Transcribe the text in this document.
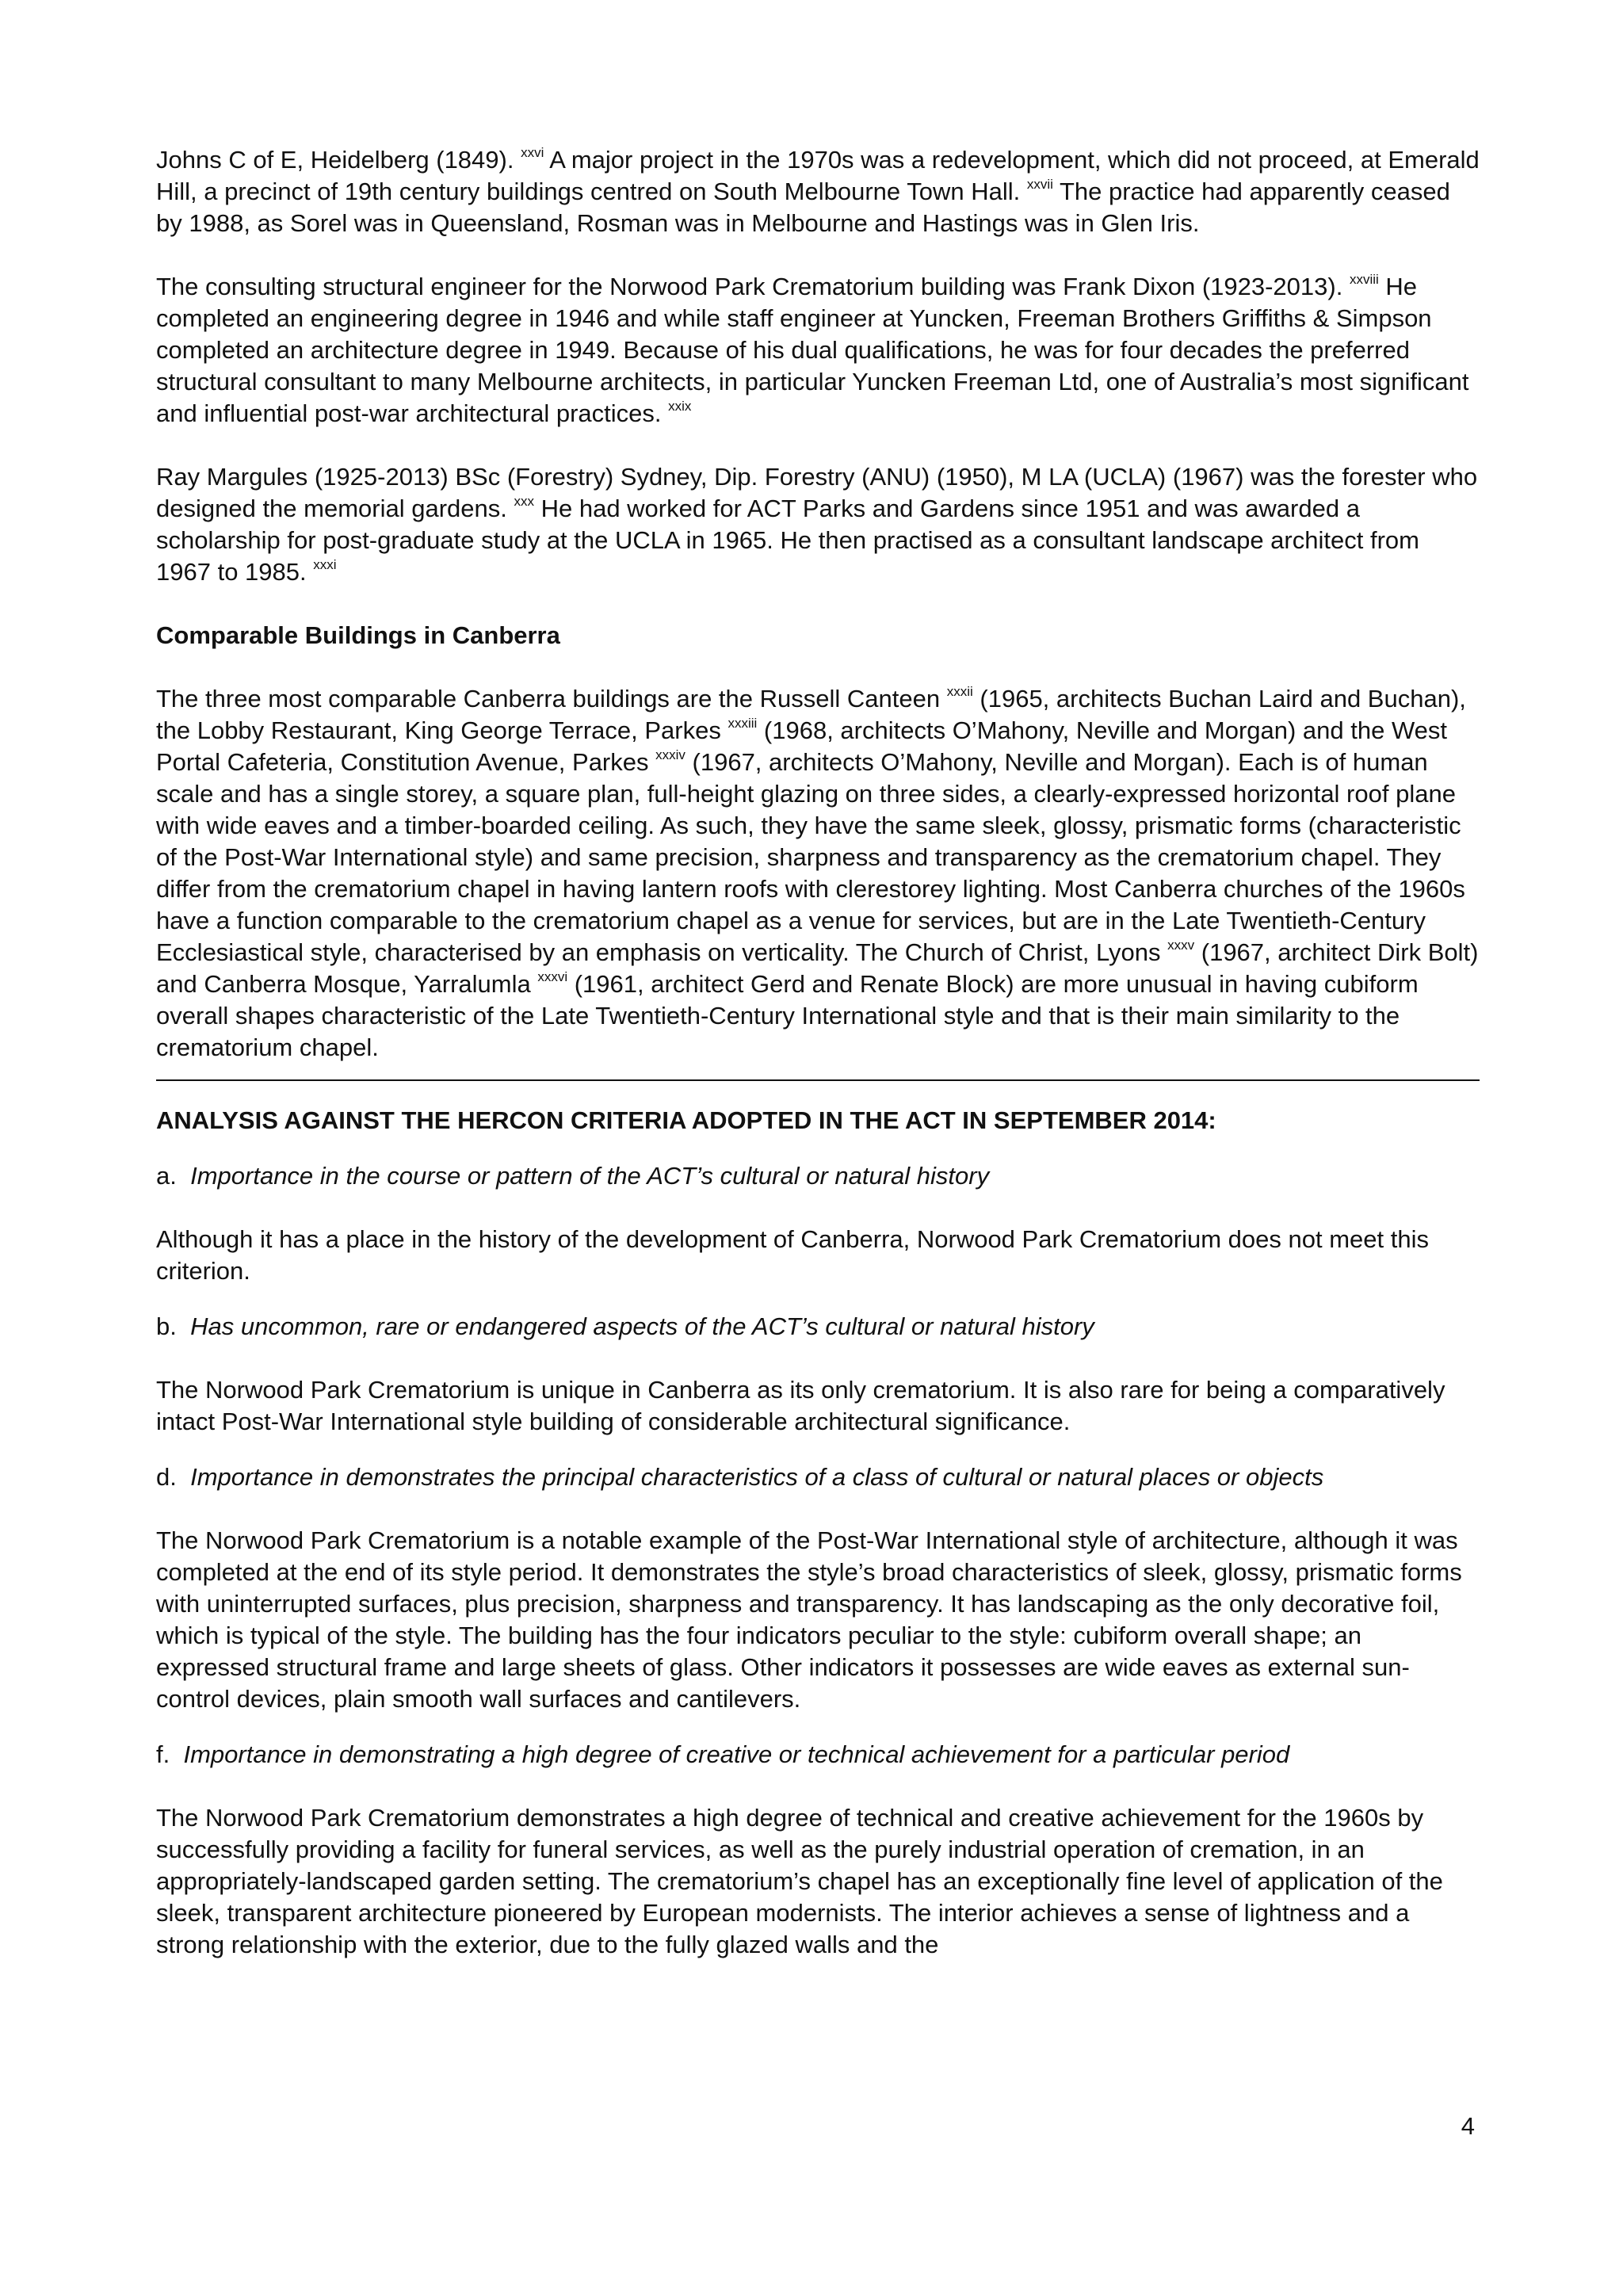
Johns C of E, Heidelberg (1849). $^{xxvi}$ A major project in the 1970s was a redevelopment, which did not proceed, at Emerald Hill, a precinct of 19th century buildings centred on South Melbourne Town Hall. $^{xxvii}$ The practice had apparently ceased by 1988, as Sorel was in Queensland, Rosman was in Melbourne and Hastings was in Glen Iris.

The consulting structural engineer for the Norwood Park Crematorium building was Frank Dixon (1923-2013). $^{xxviii}$ He completed an engineering degree in 1946 and while staff engineer at Yuncken, Freeman Brothers Griffiths & Simpson completed an architecture degree in 1949. Because of his dual qualifications, he was for four decades the preferred structural consultant to many Melbourne architects, in particular Yuncken Freeman Ltd, one of Australia’s most significant and influential post-war architectural practices. $^{xxix}$

Ray Margules (1925-2013) BSc (Forestry) Sydney, Dip. Forestry (ANU) (1950), M LA (UCLA) (1967) was the forester who designed the memorial gardens. $^{xxx}$ He had worked for ACT Parks and Gardens since 1951 and was awarded a scholarship for post-graduate study at the UCLA in 1965. He then practised as a consultant landscape architect from 1967 to 1985. $^{xxxi}$

Comparable Buildings in Canberra

The three most comparable Canberra buildings are the Russell Canteen $^{xxxii}$ (1965, architects Buchan Laird and Buchan), the Lobby Restaurant, King George Terrace, Parkes $^{xxxiii}$ (1968, architects O’Mahony, Neville and Morgan) and the West Portal Cafeteria, Constitution Avenue, Parkes $^{xxxiv}$ (1967, architects O’Mahony, Neville and Morgan). Each is of human scale and has a single storey, a square plan, full-height glazing on three sides, a clearly-expressed horizontal roof plane with wide eaves and a timber-boarded ceiling. As such, they have the same sleek, glossy, prismatic forms (characteristic of the Post-War International style) and same precision, sharpness and transparency as the crematorium chapel. They differ from the crematorium chapel in having lantern roofs with clerestorey lighting. Most Canberra churches of the 1960s have a function comparable to the crematorium chapel as a venue for services, but are in the Late Twentieth-Century Ecclesiastical style, characterised by an emphasis on verticality. The Church of Christ, Lyons $^{xxxv}$ (1967, architect Dirk Bolt) and Canberra Mosque, Yarralumla $^{xxxvi}$ (1961, architect Gerd and Renate Block) are more unusual in having cubiform overall shapes characteristic of the Late Twentieth-Century International style and that is their main similarity to the crematorium chapel.

ANALYSIS AGAINST THE HERCON CRITERIA ADOPTED IN THE ACT IN SEPTEMBER 2014:

a. Importance in the course or pattern of the ACT’s cultural or natural history

Although it has a place in the history of the development of Canberra, Norwood Park Crematorium does not meet this criterion.

b. Has uncommon, rare or endangered aspects of the ACT’s cultural or natural history

The Norwood Park Crematorium is unique in Canberra as its only crematorium. It is also rare for being a comparatively intact Post-War International style building of considerable architectural significance.

d. Importance in demonstrates the principal characteristics of a class of cultural or natural places or objects

The Norwood Park Crematorium is a notable example of the Post-War International style of architecture, although it was completed at the end of its style period. It demonstrates the style’s broad characteristics of sleek, glossy, prismatic forms with uninterrupted surfaces, plus precision, sharpness and transparency. It has landscaping as the only decorative foil, which is typical of the style. The building has the four indicators peculiar to the style: cubiform overall shape; an expressed structural frame and large sheets of glass. Other indicators it possesses are wide eaves as external sun-control devices, plain smooth wall surfaces and cantilevers.

f. Importance in demonstrating a high degree of creative or technical achievement for a particular period

The Norwood Park Crematorium demonstrates a high degree of technical and creative achievement for the 1960s by successfully providing a facility for funeral services, as well as the purely industrial operation of cremation, in an appropriately-landscaped garden setting. The crematorium’s chapel has an exceptionally fine level of application of the sleek, transparent architecture pioneered by European modernists. The interior achieves a sense of lightness and a strong relationship with the exterior, due to the fully glazed walls and the

4
